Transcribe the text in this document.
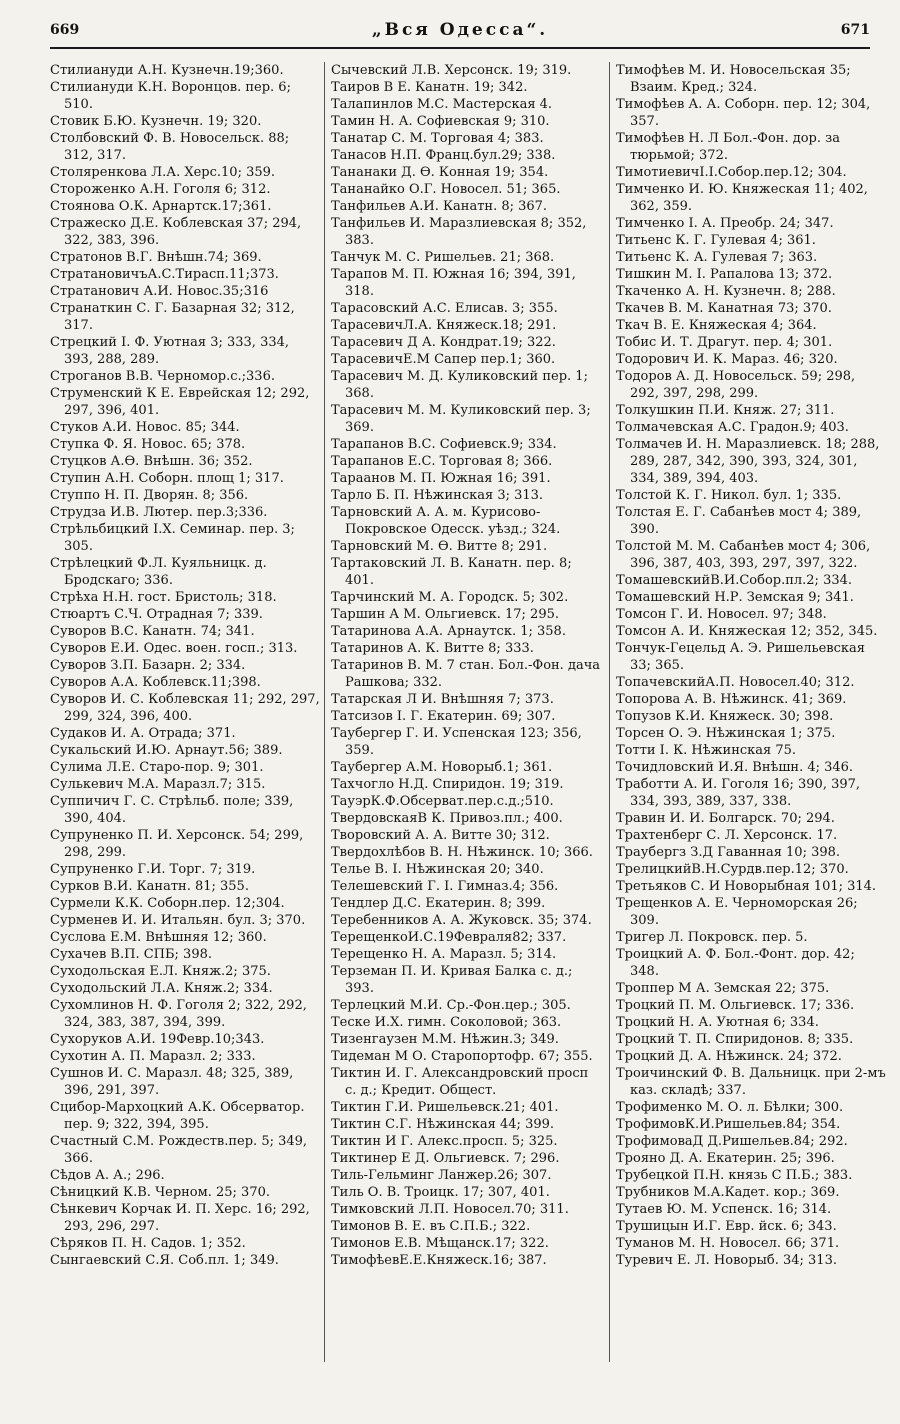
669	„Вся Одесса“.	671
Стилиануди А.Н. Кузнечн.19;360.
Стилиануди К.Н. Воронцов. пер. 6; 510.
Стовик Б.Ю. Кузнечн. 19; 320.
Столбовский Ф. В. Новосельск. 88; 312, 317.
Столяренкова Л.А. Херс.10; 359.
Стороженко А.Н. Гоголя 6; 312.
Стоянова О.К. Арнартск.17;361.
Стражеско Д.Е. Коблевская 37; 294, 322, 383, 396.
Стратонов В.Г. Внѣшн.74; 369.
СтратановичъА.С.Тирасп.11;373.
Стратанович А.И. Новос.35;316
Странаткин С. Г. Базарная 32; 312, 317.
Стрецкий I. Ф. Уютная 3; 333, 334, 393, 288, 289.
Строганов В.В. Черномор.с.;336.
Струменский К Е. Еврейская 12; 292, 297, 396, 401.
Стуков А.И. Новос. 85; 344.
Ступка Ф. Я. Новос. 65; 378.
Стуцков А.Ө. Внѣшн. 36; 352.
Ступин А.Н. Соборн. площ 1; 317.
Ступпо Н. П. Дворян. 8; 356.
Струдза И.В. Лютер. пер.3;336.
Стрѣльбицкий I.Х. Семинар. пер. 3; 305.
Стрѣлецкий Ф.Л. Куяльницк. д. Бродскаго; 336.
Стрѣха Н.Н. гост. Бристоль; 318.
Стюартъ С.Ч. Отрадная 7; 339.
Суворов В.С. Канатн. 74; 341.
Суворов Е.И. Одес. воен. госп.; 313.
Суворов З.П. Базарн. 2; 334.
Суворов А.А. Коблевск.11;398.
Суворов И. С. Коблевская 11; 292, 297, 299, 324, 396, 400.
Судаков И. А. Отрада; 371.
Сукальский И.Ю. Арнаут.56; 389.
Сулима Л.Е. Старо-пор. 9; 301.
Сулькевич М.А. Маразл.7; 315.
Суппичич Г. С. Стрѣльб. поле; 339, 390, 404.
Супруненко П. И. Херсонск. 54; 299, 298, 299.
Супруненко Г.И. Торг. 7; 319.
Сурков В.И. Канатн. 81; 355.
Сурмели К.К. Соборн.пер. 12;304.
Сурменев И. И. Итальян. бул. 3; 370.
Суслова Е.М. Внѣшняя 12; 360.
Сухачев В.П. СПБ; 398.
Суходольская Е.Л. Княж.2; 375.
Суходольский Л.А. Княж.2; 334.
Сухомлинов Н. Ф. Гоголя 2; 322, 292, 324, 383, 387, 394, 399.
Сухоруков А.И. 19Февр.10;343.
Сухотин А. П. Маразл. 2; 333.
Сушнов И. С. Маразл. 48; 325, 389, 396, 291, 397.
Сцибор-Мархоцкий А.К. Обсерватор. пер. 9; 322, 394, 395.
Счастный С.М. Рождеств.пер. 5; 349, 366.
Сѣдов А. А.; 296.
Сѣницкий К.В. Черном. 25; 370.
Сѣнкевич Корчак И. П. Херс. 16; 292, 293, 296, 297.
Сѣряков П. Н. Садов. 1; 352.
Сынгаевский С.Я. Соб.пл. 1; 349.
Сычевский Л.В. Херсонск. 19; 319.
Таиров В Е. Канатн. 19; 342.
Талапинлов М.С. Мастерская 4.
Тамин Н. А. Софиевская 9; 310.
Танатар С. М. Торговая 4; 383.
Танасов Н.П. Франц.бул.29; 338.
Тананаки Д. Ө. Конная 19; 354.
Тананайко О.Г. Новосел. 51; 365.
Танфильев А.И. Канатн. 8; 367.
Танфильев И. Маразлиевская 8; 352, 383.
Танчук М. С. Ришельев. 21; 368.
Тарапов М. П. Южная 16; 394, 391, 318.
Тарасовский А.С. Елисав. 3; 355.
ТарасевичЛ.А. Княжеск.18; 291.
Тарасевич Д А. Кондрат.19; 322.
ТарасевичЕ.М Сапер пер.1; 360.
Тарасевич М. Д. Куликовский пер. 1; 368.
Тарасевич М. М. Куликовский пер. 3; 369.
Тарапанов В.С. Софиевск.9; 334.
Тарапанов Е.С. Торговая 8; 366.
Тараанов М. П. Южная 16; 391.
Тарло Б. П. Нѣжинская 3; 313.
Тарновский А. А. м. Курисово-Покровское Одесск. уѣзд.; 324.
Тарновский М. Ө. Витте 8; 291.
Тартаковский Л. В. Канатн. пер. 8; 401.
Тарчинский М. А. Городск. 5; 302.
Таршин А М. Ольгиевск. 17; 295.
Татаринова А.А. Арнаутск. 1; 358.
Татаринов А. К. Витте 8; 333.
Татаринов В. М. 7 стан. Бол.-Фон. дача Рашкова; 332.
Татарская Л И. Внѣшняя 7; 373.
Татсизов I. Г. Екатерин. 69; 307.
Таубергер Г. И. Успенская 123; 356, 359.
Таубергер А.М. Новорыб.1; 361.
Тахчогло Н.Д. Спиридон. 19; 319.
ТауэрК.Ф.Обсерват.пер.с.д.;510.
ТвердовскаяВ К. Привоз.пл.; 400.
Творовский А. А. Витте 30; 312.
Твердохлѣбов В. Н. Нѣжинск. 10; 366.
Телье В. I. Нѣжинская 20; 340.
Телешевский Г. I. Гимназ.4; 356.
Тендлер Д.С. Екатерин. 8; 399.
Теребенников А. А. Жуковск. 35; 374.
ТерещенкоИ.С.19Февраля82; 337.
Терещенко Н. А. Маразл. 5; 314.
Терземан П. И. Кривая Балка с. д.; 393.
Терлецкий М.И. Ср.-Фон.цер.; 305.
Теске И.Х. гимн. Соколовой; 363.
Тизенгаузен М.М. Нѣжин.3; 349.
Тидеман М О. Старопортофр. 67; 355.
Тиктин И. Г. Александровский просп с. д.; Кредит. Общест.
Тиктин Г.И. Ришельевск.21; 401.
Тиктин С.Г. Нѣжинская 44; 399.
Тиктин И Г. Алекс.просп. 5; 325.
Тиктинер Е Д. Ольгиевск. 7; 296.
Тиль-Гельминг Ланжер.26; 307.
Тиль О. В. Троицк. 17; 307, 401.
Тимковский Л.П. Новосел.70; 311.
Тимонов В. Е. въ С.П.Б.; 322.
Тимонов Е.В. Мѣщанск.17; 322.
ТимофѣевЕ.Е.Княжеск.16; 387.
Тимофѣев М. И. Новосельская 35; Взаим. Кред.; 324.
Тимофѣев А. А. Соборн. пер. 12; 304, 357.
Тимофѣев Н. Л Бол.-Фон. дор. за тюрьмой; 372.
ТимотиевичI.I.Собор.пер.12; 304.
Тимченко И. Ю. Княжеская 11; 402, 362, 359.
Тимченко I. А. Преобр. 24; 347.
Титьенс К. Г. Гулевая 4; 361.
Титьенс К. А. Гулевая 7; 363.
Тишкин М. I. Рапалова 13; 372.
Ткаченко А. Н. Кузнечн. 8; 288.
Ткачев В. М. Канатная 73; 370.
Ткач В. Е. Княжеская 4; 364.
Тобис И. Т. Драгут. пер. 4; 301.
Тодорович И. К. Мараз. 46; 320.
Тодоров А. Д. Новосельск. 59; 298, 292, 397, 298, 299.
Толкушкин П.И. Княж. 27; 311.
Толмачевская А.С. Градон.9; 403.
Толмачев И. Н. Маразлиевск. 18; 288, 289, 287, 342, 390, 393, 324, 301, 334, 389, 394, 403.
Толстой К. Г. Никол. бул. 1; 335.
Толстая Е. Г. Сабанѣев мост 4; 389, 390.
Толстой М. М. Сабанѣев мост 4; 306, 396, 387, 403, 393, 297, 397, 322.
ТомашевскийВ.И.Собор.пл.2; 334.
Томашевский Н.Р. Земская 9; 341.
Томсон Г. И. Новосел. 97; 348.
Томсон А. И. Княжеская 12; 352, 345.
Тончук-Гецельд А. Э. Ришельевская 33; 365.
ТопачевскийА.П. Новосел.40; 312.
Топорова А. В. Нѣжинск. 41; 369.
Топузов К.И. Княжеск. 30; 398.
Торсен О. Э. Нѣжинская 1; 375.
Тотти I. К. Нѣжинская 75.
Точидловский И.Я. Внѣшн. 4; 346.
Тработти А. И. Гоголя 16; 390, 397, 334, 393, 389, 337, 338.
Травин И. И. Болгарск. 70; 294.
Трахтенберг С. Л. Херсонск. 17.
Траубергз З.Д Гаванная 10; 398.
ТрелицкийВ.Н.Сурдв.пер.12; 370.
Третьяков С. И Новорыбная 101; 314.
Трещенков А. Е. Черноморская 26; 309.
Тригер Л. Покровск. пер. 5.
Троицкий А. Ф. Бол.-Фонт. дор. 42; 348.
Троппер М А. Земская 22; 375.
Троцкий П. М. Ольгиевск. 17; 336.
Троцкий Н. А. Уютная 6; 334.
Троцкий Т. П. Спиридонов. 8; 335.
Троцкий Д. А. Нѣжинск. 24; 372.
Троичинский Ф. В. Дальницк. при 2-мъ каз. складѣ; 337.
Трофименко М. О. л. Бѣлки; 300.
ТрофимовК.И.Ришельев.84; 354.
ТрофимоваД Д.Ришельев.84; 292.
Трояно Д. А. Екатерин. 25; 396.
Трубецкой П.Н. князь С П.Б.; 383.
Трубников М.А.Кадет. кор.; 369.
Тутаев Ю. М. Успенск. 16; 314.
Трушицын И.Г. Евр. йск. 6; 343.
Туманов М. Н. Новосел. 66; 371.
Туревич Е. Л. Новорыб. 34; 313.
